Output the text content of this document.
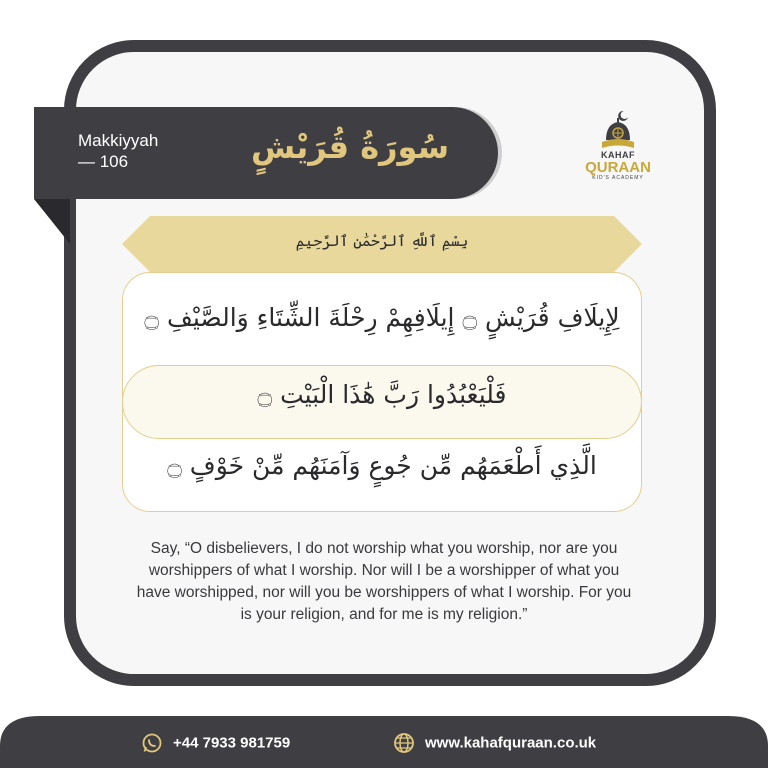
Makkiyyah
— 106	سُورَةُ قُرَيْشٍ	KAHAF
QURAAN
KID'S ACADEMY
بِسْمِ ٱللَّهِ ٱلرَّحْمَٰنِ ٱلرَّحِيمِ
لِإِيلَافِ قُرَيْشٍ ۝ إِيلَافِهِمْ رِحْلَةَ الشِّتَاءِ وَالصَّيْفِ ۝
فَلْيَعْبُدُوا رَبَّ هَٰذَا الْبَيْتِ ۝
الَّذِي أَطْعَمَهُم مِّن جُوعٍ وَآمَنَهُم مِّنْ خَوْفٍ ۝
Say, “O disbelievers, I do not worship what you worship, nor are you worshippers of what I worship. Nor will I be a worshipper of what you have worshipped, nor will you be worshippers of what I worship. For you is your religion, and for me is my religion.”
+44 7933 981759	www.kahafquraan.co.uk
